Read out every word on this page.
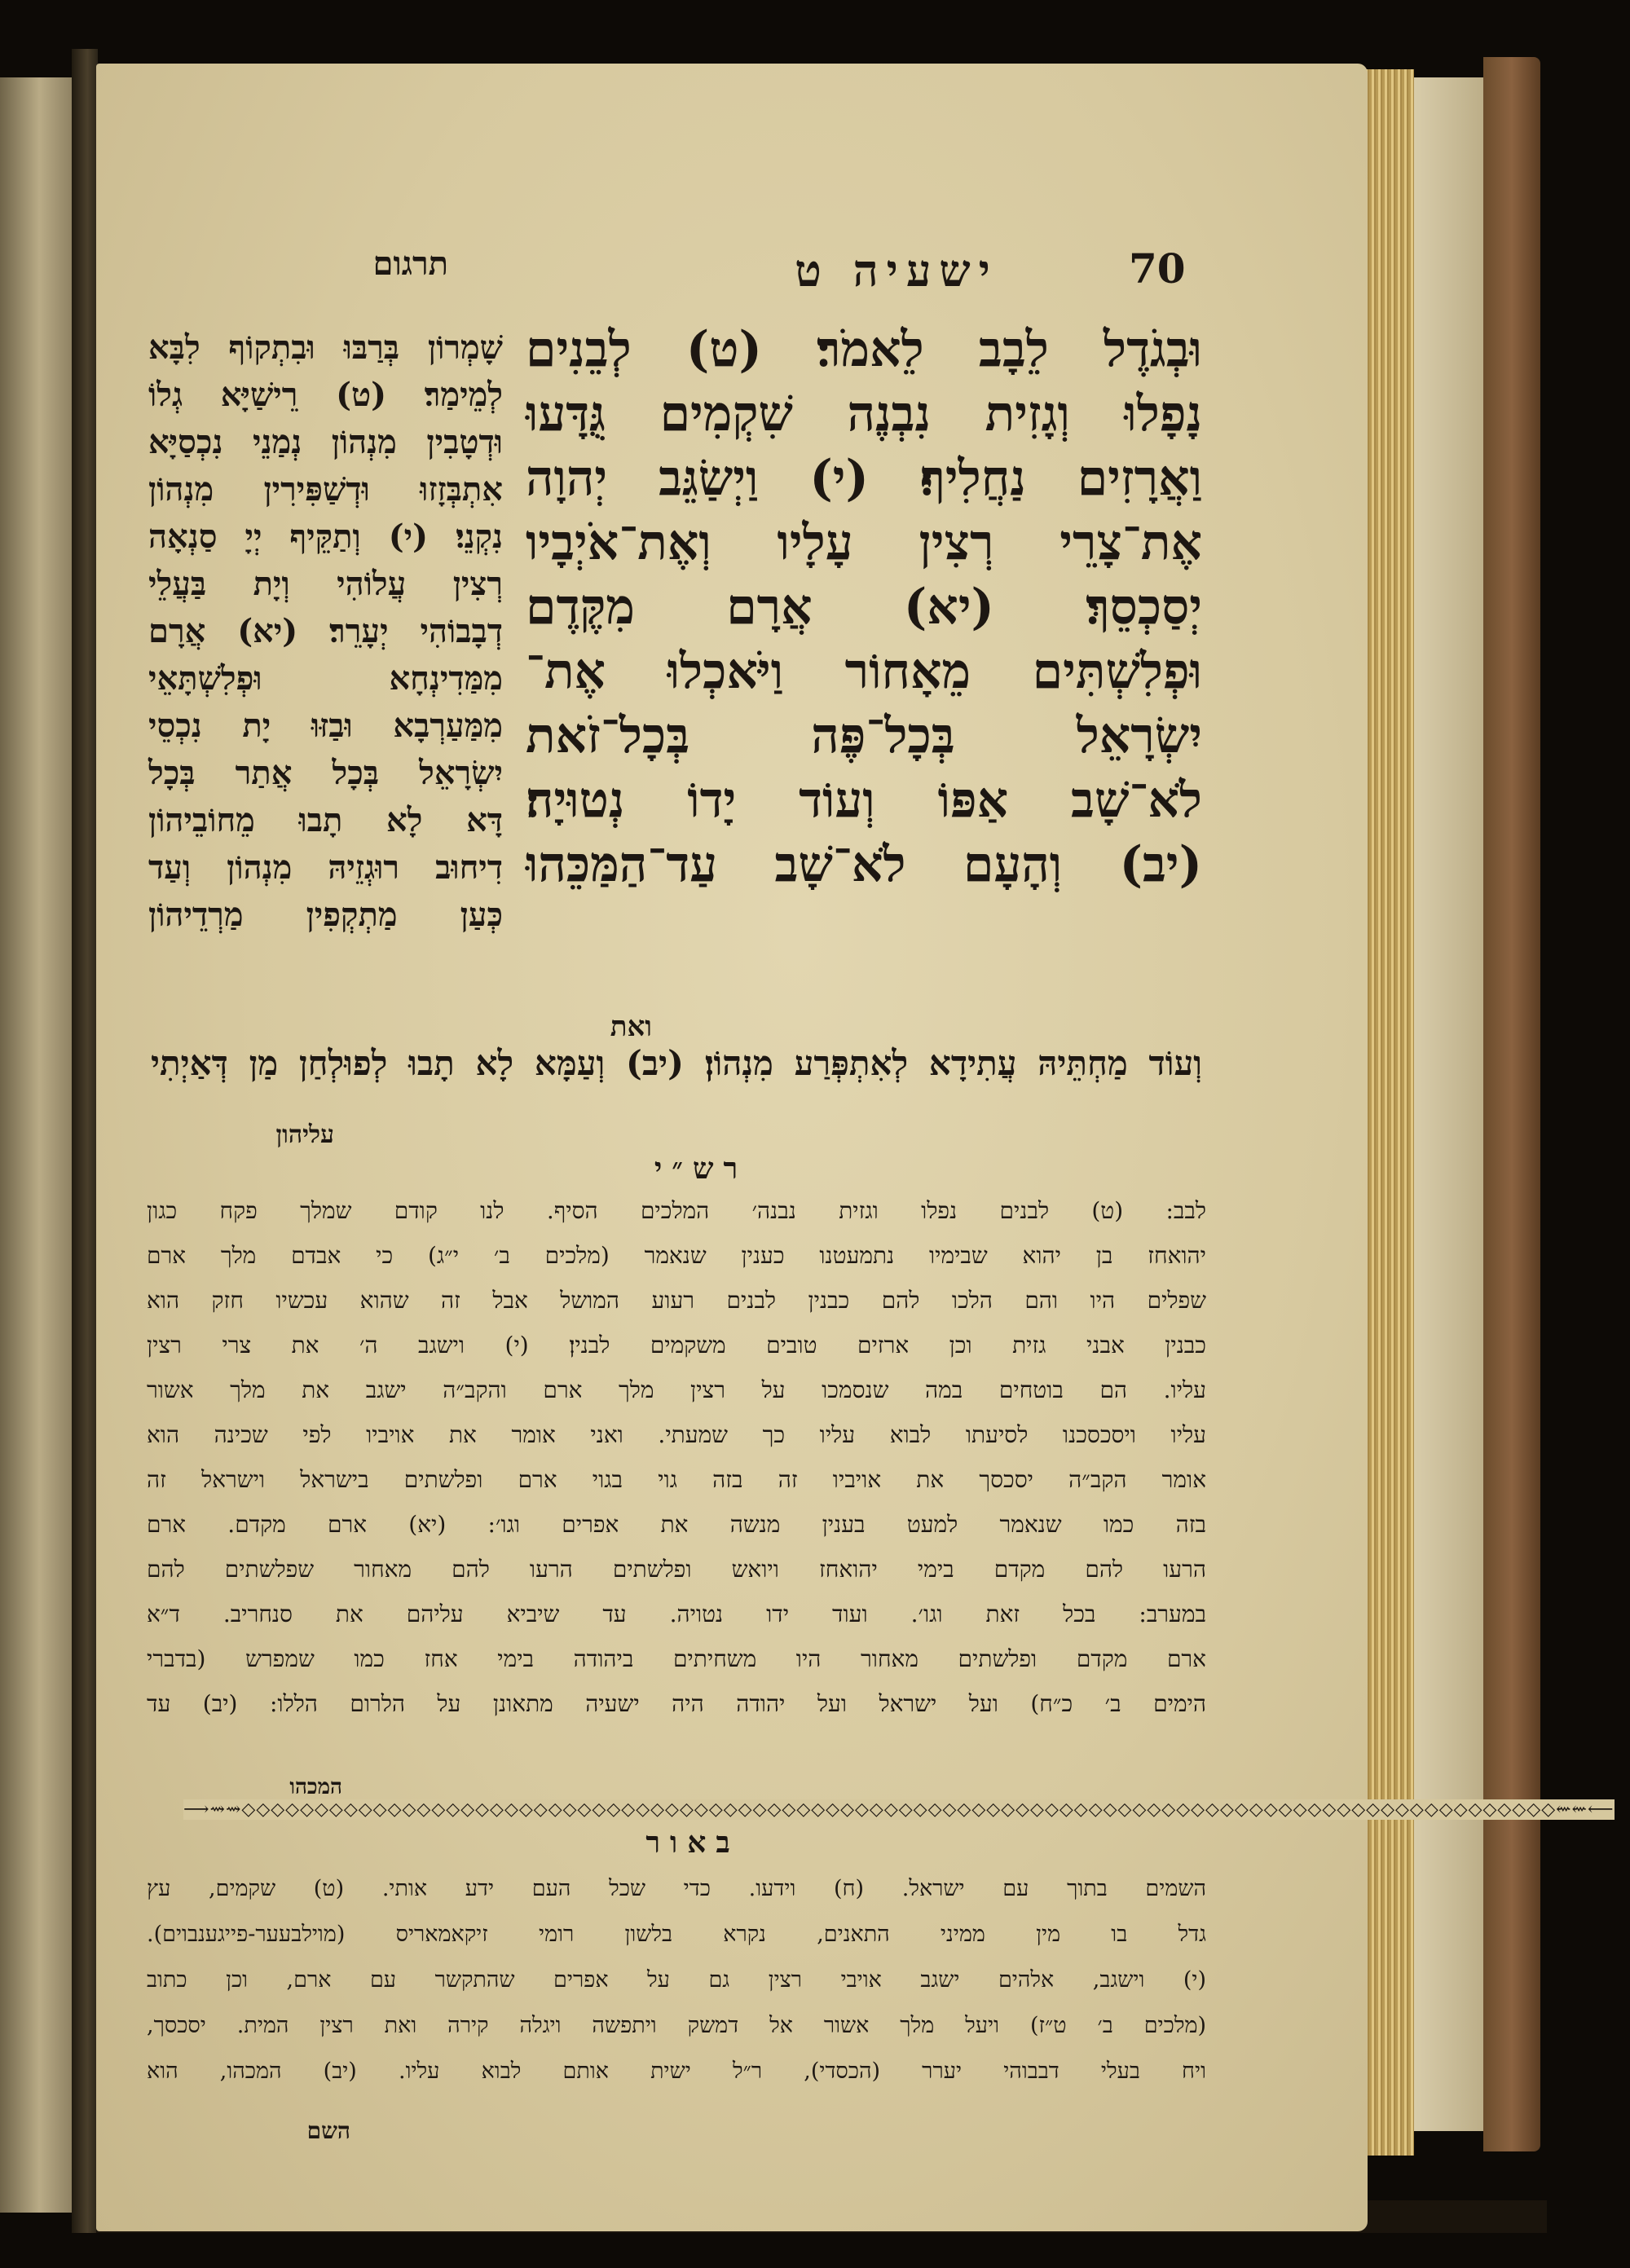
70
ישעיה ט
תרגום
וּבְגֹדֶל לֵבָב לֵאמֹר׃ (ט) לְבֵנִים
נָפָלוּ וְגָזִית נִבְנֶה שִׁקְמִים גֻּדָּעוּ
וַאֲרָזִים נַחֲלִיף׃ (י) וַיְשַׂגֵּב יְהוָה
אֶת־צָרֵי רְצִין עָלָיו וְאֶת־אֹיְבָיו
יְסַכְסֵךְ׃ (יא) אֲרָם מִקֶּדֶם
וּפְלִשְׁתִּים מֵאָחוֹר וַיֹּאכְלוּ אֶת־
יִשְׂרָאֵל בְּכָל־פֶּה בְּכָל־זֹאת
לֹא־שָׁב אַפּוֹ וְעוֹד יָדוֹ נְטוּיָה׃
(יב) וְהָעָם לֹא־שָׁב עַד־הַמַּכֵּהוּ
ואת
שָׁמְרוֹן בְּרַבּוּ וּבִתְקוֹף לִבָּא
לְמֵימַר׃ (ט) רֵישַׁיָּא גְלוֹ
וּדְטָבִין מִנְהוֹן נְמַנֵי נִכְסַיָּא
אִתְבְּזָזוּ וּדְשַׁפִּירִין מִנְהוֹן
נִקְנֵי׃ (י) וְתַקֵּיף יְיָ סַנְאָה
רְצִין עֲלוֹהִי וְיָת בַּעֲלֵי
דְבָבוֹהִי יְעָרֵר׃ (יא) אֲרָם
מִמַּדִינְחָא וּפְלִשְׁתָּאֵי
מִמַּעַרְבָא וּבַזּוּ יָת נִכְסֵי
יִשְׂרָאֵל בְּכָל אֲתַר בְּכָל
דָּא לָא תָבוּ מֵחוֹבֵיהוֹן
דִיחוּב רוּגְזֵיהּ מִנְהוֹן וְעַד
כְּעַן מַתְקְפִין מַרְדֵיהוֹן
וְעוֹד מַחְתֵּיהּ עֲתִידָא לְאִתְפְּרַע מִנְהוֹן׃ (יב) וְעַמָּא לָא תָבוּ לְפוּלְחַן מַן דְּאַיְתִי
עליהון
רש״י
לבב: (ט) לבנים נפלו וגזית נבנה׳ המלכים הסיף. לנו קודם שמלך פקח כגון
יהואחז בן יהוא שבימיו נתמעטנו כענין שנאמר (מלכים ב׳ י״ג) כי אבדם מלך ארם
שפלים היו והם הלכו להם כבנין לבנים רעוע המושל אבל זה שהוא עכשיו חזק הוא
כבנין אבני גזית וכן ארזים טובים משקמים לבנין׃ (י) וישגב ה׳ את צרי רצין
עליו. הם בוטחים במה שנסמכו על רצין מלך ארם והקב״ה ישגב את מלך אשור
עליו ויסכסכנו לסיעתו לבוא עליו כך שמעתי. ואני אומר את אויביו לפי שכינה הוא
אומר הקב״ה יסכסך את אויביו זה בזה גוי בגוי ארם ופלשתים בישראל וישראל זה
בזה כמו שנאמר למעט בענין מנשה את אפרים וגו׳: (יא) ארם מקדם. ארם
הרעו להם מקדם בימי יהואחז ויואש ופלשתים הרעו להם מאחור שפלשתים להם
במערב: בכל זאת וגו׳. ועוד ידו נטויה. עד שיביא עליהם את סנחריב. ד״א
ארם מקדם ופלשתים מאחור היו משחיתים ביהודה בימי אחז כמו שמפרש (בדברי
הימים ב׳ כ״ח) ועל ישראל ועל יהודה היה ישעיה מתאונן על הלרום הללו: (יב) עד
המכהו
⟶⇝⇝◇◇◇◇◇◇◇◇◇◇◇◇◇◇◇◇◇◇◇◇◇◇◇◇◇◇◇◇◇◇◇◇◇◇◇◇◇◇◇◇◇◇◇◇◇◇◇◇◇◇◇◇◇◇◇◇◇◇◇◇◇◇◇◇◇◇◇◇◇◇◇◇◇◇◇◇◇◇◇◇◇◇◇◇◇◇◇◇◇◇⇜⇜⟵
באור
השמים בתוך עם ישראל. (ח) וידעו. כדי שכל העם ידע אותי. (ט) שקמים, עץ
גדל בו מין ממיני התאנים, נקרא בלשון רומי זיקאמאריס (מוילבעער-פייגענבוים).
(י) וישגב, אלהים ישגב אויבי רצין גם על אפרים שהתקשר עם ארם, וכן כתוב
(מלכים ב׳ ט״ז) ויעל מלך אשור אל דמשק ויתפשה ויגלה קירה ואת רצין המית. יסכסך,
ויח בעלי דבבוהי יערר (הכסדי), ר״ל ישית אותם לבוא עליו. (יב) המכהו, הוא
השם
